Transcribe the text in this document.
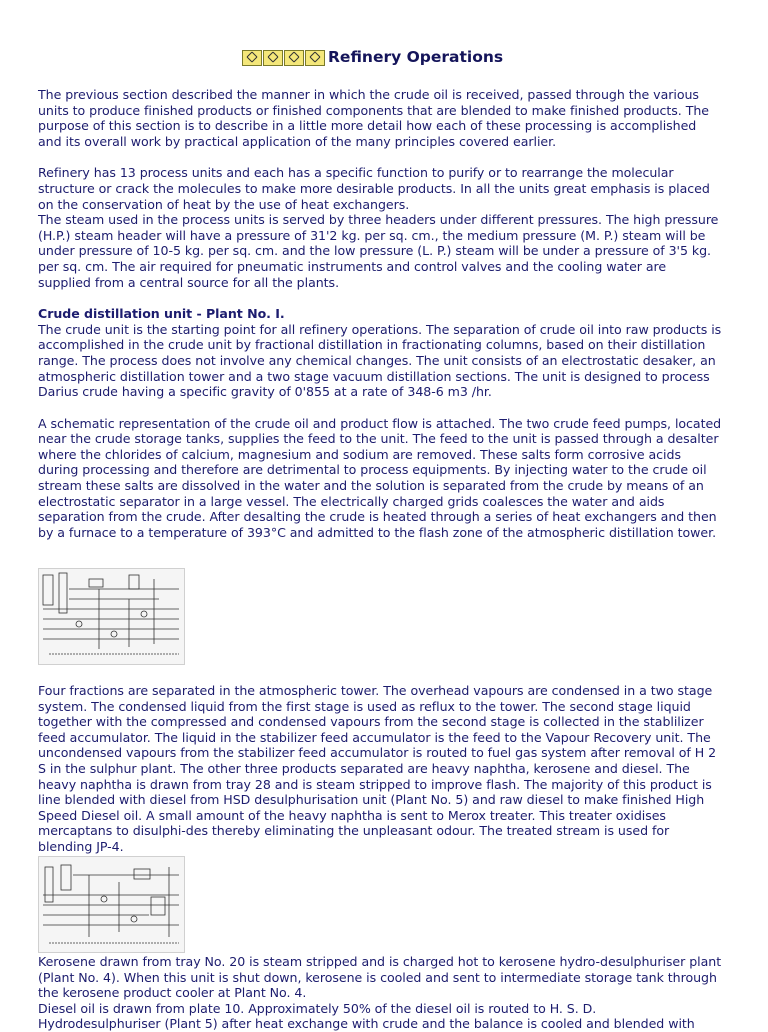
Refinery Operations

The previous section described the manner in which the crude oil is received, passed through the various units to produce finished products or finished components that are blended to make finished products. The purpose of this section is to describe in a little more detail how each of these processing is accomplished and its overall work by practical application of the many principles covered earlier.

Refinery has 13 process units and each has a specific function to purify or to rearrange the molecular structure or crack the molecules to make more desirable products. In all the units great emphasis is placed on the conservation of heat by the use of heat exchangers.

The steam used in the process units is served by three headers under different pressures. The high pressure (H.P.) steam header will have a pressure of 31'2 kg. per sq. cm., the medium pressure (M. P.) steam will be under pressure of 10-5 kg. per sq. cm. and the low pressure (L. P.) steam will be under a pressure of 3'5 kg. per sq. cm. The air required for pneumatic instruments and control valves and the cooling water are supplied from a central source for all the plants.

Crude distillation unit - Plant No. I.

The crude unit is the starting point for all refinery operations. The separation of crude oil into raw products is accomplished in the crude unit by fractional distillation in fractionating columns, based on their distillation range. The process does not involve any chemical changes. The unit consists of an electrostatic desaker, an atmospheric distillation tower and a two stage vacuum distillation sections. The unit is designed to process Darius crude having a specific gravity of 0'855 at a rate of 348-6 m3 /hr.

A schematic representation of the crude oil and product flow is attached. The two crude feed pumps, located near the crude storage tanks, supplies the feed to the unit. The feed to the unit is passed through a desalter where the chlorides of calcium, magnesium and sodium are removed. These salts form corrosive acids during processing and therefore are detrimental to process equipments. By injecting water to the crude oil stream these salts are dissolved in the water and the solution is separated from the crude by means of an electrostatic separator in a large vessel. The electrically charged grids coalesces the water and aids separation from the crude. After desalting the crude is heated through a series of heat exchangers and then by a furnace to a temperature of 393°C and admitted to the flash zone of the atmospheric distillation tower.

Four fractions are separated in the atmospheric tower. The overhead vapours are condensed in a two stage system. The condensed liquid from the first stage is used as reflux to the tower. The second stage liquid together with the compressed and condensed vapours from the second stage is collected in the stablilizer feed accumulator. The liquid in the stabilizer feed accumulator is the feed to the Vapour Recovery unit. The uncondensed vapours from the stabilizer feed accumulator is routed to fuel gas system after removal of H 2 S in the sulphur plant. The other three products separated are heavy naphtha, kerosene and diesel. The heavy naphtha is drawn from tray 28 and is steam stripped to improve flash. The majority of this product is line blended with diesel from HSD desulphurisation unit (Plant No. 5) and raw diesel to make finished High Speed Diesel oil. A small amount of the heavy naphtha is sent to Merox treater. This treater oxidises mercaptans to disulphi-des thereby eliminating the unpleasant odour. The treated stream is used for blending JP-4.

Kerosene drawn from tray No. 20 is steam stripped and is charged hot to kerosene hydro-desulphuriser plant (Plant No. 4). When this unit is shut down, kerosene is cooled and sent to intermediate storage tank through the kerosene product cooler at Plant No. 4.

Diesel oil is drawn from plate 10. Approximately 50% of the diesel oil is routed to H. S. D. Hydrodesulphuriser (Plant 5) after heat exchange with crude and the balance is cooled and blended with
